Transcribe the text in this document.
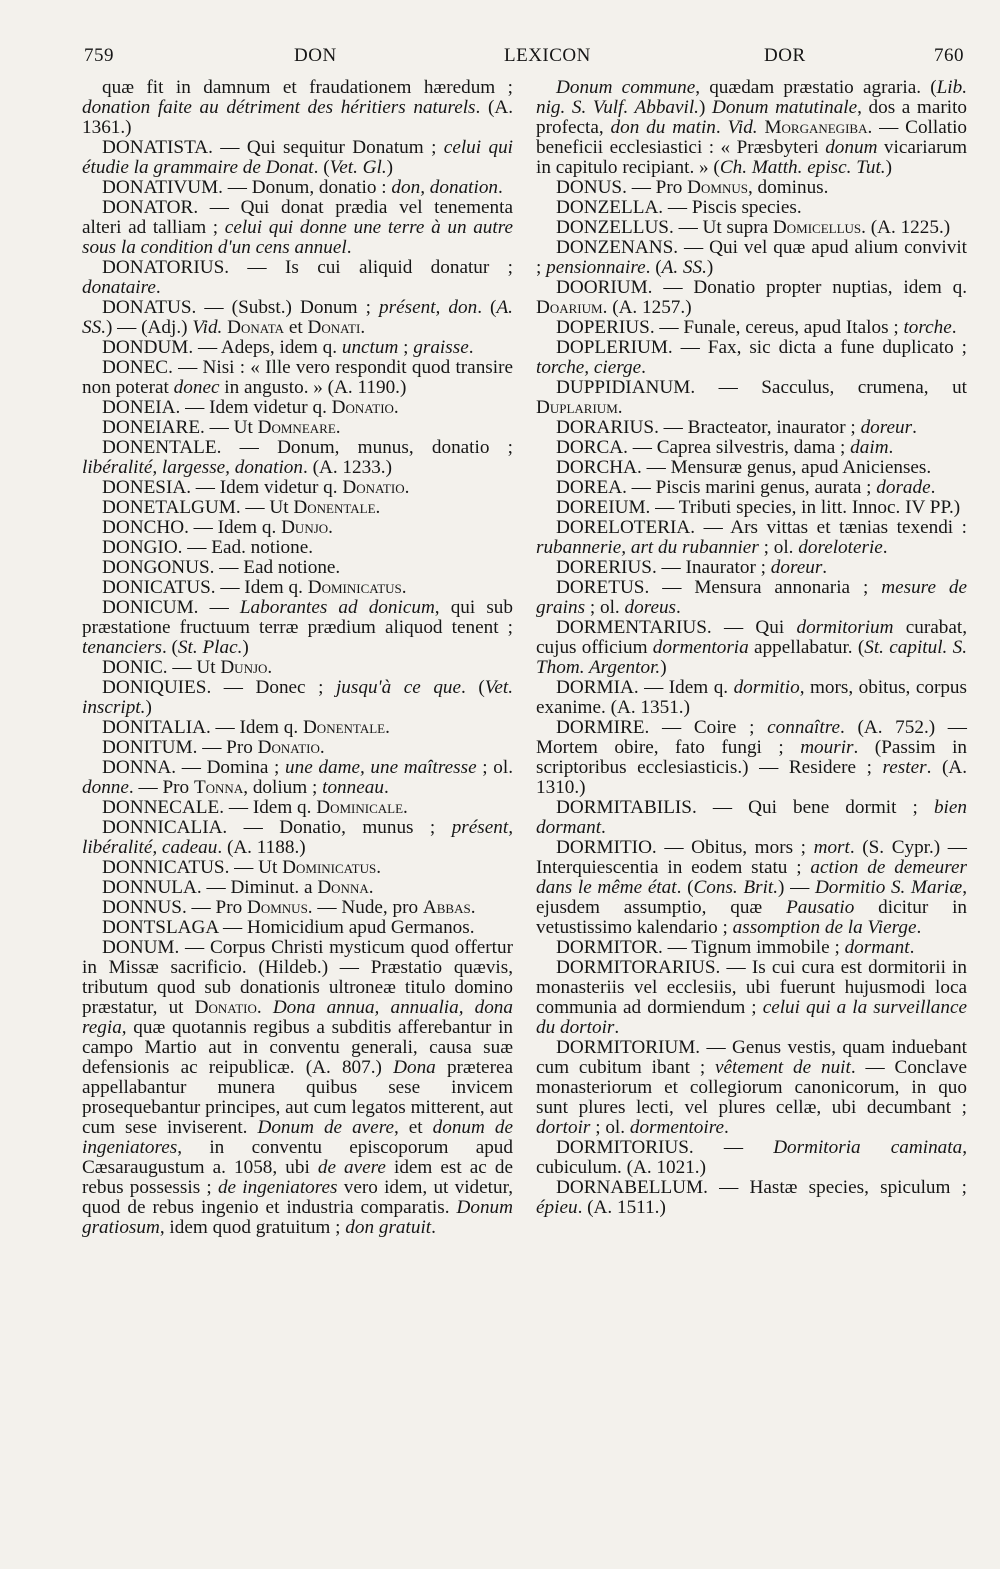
759	DON	LEXICON	DOR	760

quæ fit in damnum et fraudationem hæredum ; donation faite au détriment des héritiers naturels. (A. 1361.)

DONATISTA. — Qui sequitur Donatum ; celui qui étudie la grammaire de Donat. (Vet. Gl.)

DONATIVUM. — Donum, donatio : don, donation.

DONATOR. — Qui donat prædia vel tenementa alteri ad talliam ; celui qui donne une terre à un autre sous la condition d'un cens annuel.

DONATORIUS. — Is cui aliquid donatur ; donataire.

DONATUS. — (Subst.) Donum ; présent, don. (A. SS.) — (Adj.) Vid. Donata et Donati.

DONDUM. — Adeps, idem q. unctum ; graisse.

DONEC. — Nisi : « Ille vero respondit quod transire non poterat donec in angusto. » (A. 1190.)

DONEIA. — Idem videtur q. Donatio.

DONEIARE. — Ut Domneare.

DONENTALE. — Donum, munus, donatio ; libéralité, largesse, donation. (A. 1233.)

DONESIA. — Idem videtur q. Donatio.

DONETALGUM. — Ut Donentale.

DONCHO. — Idem q. Dunjo.

DONGIO. — Ead. notione.

DONGONUS. — Ead notione.

DONICATUS. — Idem q. Dominicatus.

DONICUM. — Laborantes ad donicum, qui sub præstatione fructuum terræ prædium aliquod tenent ; tenanciers. (St. Plac.)

DONIC. — Ut Dunjo.

DONIQUIES. — Donec ; jusqu'à ce que. (Vet. inscript.)

DONITALIA. — Idem q. Donentale.

DONITUM. — Pro Donatio.

DONNA. — Domina ; une dame, une maîtresse ; ol. donne. — Pro Tonna, dolium ; tonneau.

DONNECALE. — Idem q. Dominicale.

DONNICALIA. — Donatio, munus ; présent, libéralité, cadeau. (A. 1188.)

DONNICATUS. — Ut Dominicatus.

DONNULA. — Diminut. a Donna.

DONNUS. — Pro Domnus. — Nude, pro Abbas.

DONTSLAGA — Homicidium apud Germanos.

DONUM. — Corpus Christi mysticum quod offertur in Missæ sacrificio. (Hildeb.) — Præstatio quævis, tributum quod sub donationis ultroneæ titulo domino præstatur, ut Donatio. Dona annua, annualia, dona regia, quæ quotannis regibus a subditis afferebantur in campo Martio aut in conventu generali, causa suæ defensionis ac reipublicæ. (A. 807.) Dona præterea appellabantur munera quibus sese invicem prosequebantur principes, aut cum legatos mitterent, aut cum sese inviserent. Donum de avere, et donum de ingeniatores, in conventu episcoporum apud Cæsaraugustum a. 1058, ubi de avere idem est ac de rebus possessis ; de ingeniatores vero idem, ut videtur, quod de rebus ingenio et industria comparatis. Donum gratiosum, idem quod gratuitum ; don gratuit.

Donum commune, quædam præstatio agraria. (Lib. nig. S. Vulf. Abbavil.) Donum matutinale, dos a marito profecta, don du matin. Vid. Morganegiba. — Collatio beneficii ecclesiastici : « Præsbyteri donum vicariarum in capitulo recipiant. » (Ch. Matth. episc. Tut.)

DONUS. — Pro Domnus, dominus.

DONZELLA. — Piscis species.

DONZELLUS. — Ut supra Domicellus. (A. 1225.)

DONZENANS. — Qui vel quæ apud alium convivit ; pensionnaire. (A. SS.)

DOORIUM. — Donatio propter nuptias, idem q. Doarium. (A. 1257.)

DOPERIUS. — Funale, cereus, apud Italos ; torche.

DOPLERIUM. — Fax, sic dicta a fune duplicato ; torche, cierge.

DUPPIDIANUM. — Sacculus, crumena, ut Duplarium.

DORARIUS. — Bracteator, inaurator ; doreur.

DORCA. — Caprea silvestris, dama ; daim.

DORCHA. — Mensuræ genus, apud Anicienses.

DOREA. — Piscis marini genus, aurata ; dorade.

DOREIUM. — Tributi species, in litt. Innoc. IV PP.)

DORELOTERIA. — Ars vittas et tænias texendi : rubannerie, art du rubannier ; ol. doreloterie.

DORERIUS. — Inaurator ; doreur.

DORETUS. — Mensura annonaria ; mesure de grains ; ol. doreus.

DORMENTARIUS. — Qui dormitorium curabat, cujus officium dormentoria appellabatur. (St. capitul. S. Thom. Argentor.)

DORMIA. — Idem q. dormitio, mors, obitus, corpus exanime. (A. 1351.)

DORMIRE. — Coire ; connaître. (A. 752.) — Mortem obire, fato fungi ; mourir. (Passim in scriptoribus ecclesiasticis.) — Residere ; rester. (A. 1310.)

DORMITABILIS. — Qui bene dormit ; bien dormant.

DORMITIO. — Obitus, mors ; mort. (S. Cypr.) — Interquiescentia in eodem statu ; action de demeurer dans le même état. (Cons. Brit.) — Dormitio S. Mariæ, ejusdem assumptio, quæ Pausatio dicitur in vetustissimo kalendario ; assomption de la Vierge.

DORMITOR. — Tignum immobile ; dormant.

DORMITORARIUS. — Is cui cura est dormitorii in monasteriis vel ecclesiis, ubi fuerunt hujusmodi loca communia ad dormiendum ; celui qui a la surveillance du dortoir.

DORMITORIUM. — Genus vestis, quam induebant cum cubitum ibant ; vêtement de nuit. — Conclave monasteriorum et collegiorum canonicorum, in quo sunt plures lecti, vel plures cellæ, ubi decumbant ; dortoir ; ol. dormentoire.

DORMITORIUS. — Dormitoria caminata, cubiculum. (A. 1021.)

DORNABELLUM. — Hastæ species, spiculum ; épieu. (A. 1511.)
